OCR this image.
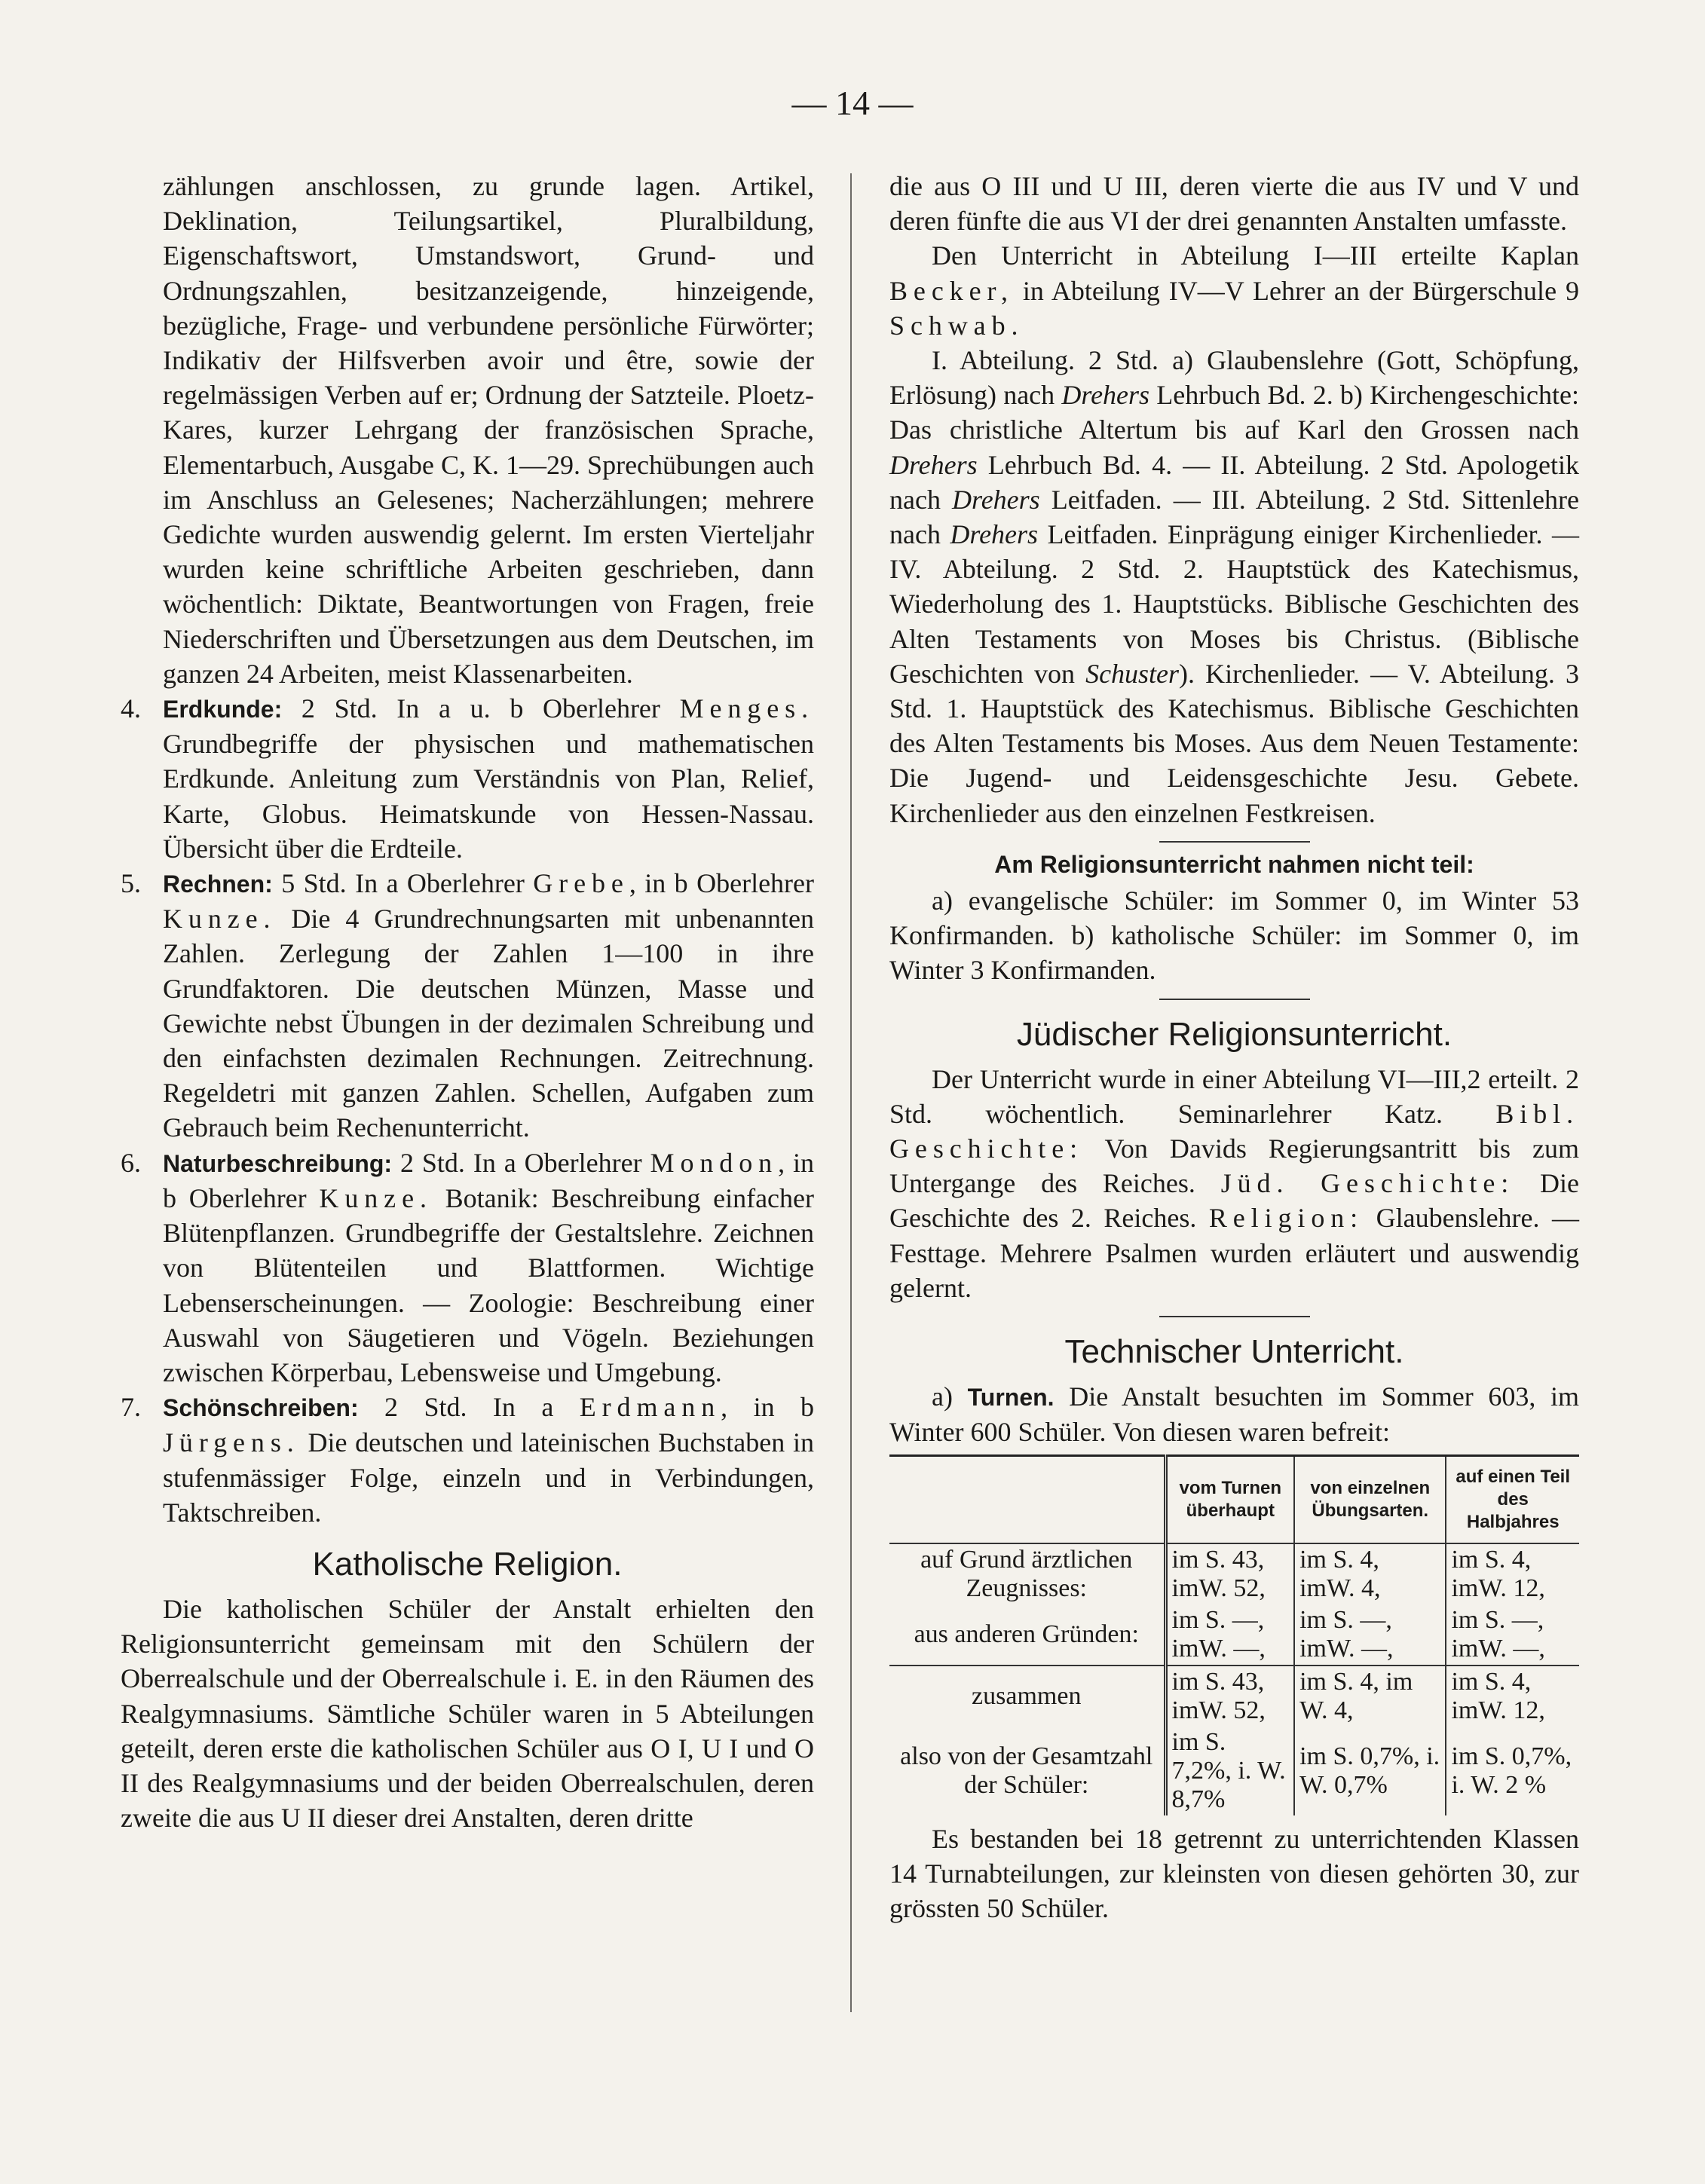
— 14 —

zählungen anschlossen, zu grunde lagen. Artikel, Deklination, Teilungsartikel, Pluralbildung, Eigenschaftswort, Umstandswort, Grund- und Ordnungszahlen, besitzanzeigende, hinzeigende, bezügliche, Frage- und verbundene persönliche Fürwörter; Indikativ der Hilfsverben avoir und être, sowie der regelmässigen Verben auf er; Ordnung der Satzteile. Ploetz-Kares, kurzer Lehrgang der französischen Sprache, Elementarbuch, Ausgabe C, K. 1—29. Sprechübungen auch im Anschluss an Gelesenes; Nacherzählungen; mehrere Gedichte wurden auswendig gelernt. Im ersten Vierteljahr wurden keine schriftliche Arbeiten geschrieben, dann wöchentlich: Diktate, Beantwortungen von Fragen, freie Niederschriften und Übersetzungen aus dem Deutschen, im ganzen 24 Arbeiten, meist Klassenarbeiten.

4. Erdkunde: 2 Std. In a u. b Oberlehrer Menges. Grundbegriffe der physischen und mathematischen Erdkunde. Anleitung zum Verständnis von Plan, Relief, Karte, Globus. Heimatskunde von Hessen-Nassau. Übersicht über die Erdteile.
5. Rechnen: 5 Std. In a Oberlehrer Grebe, in b Oberlehrer Kunze. Die 4 Grundrechnungsarten mit unbenannten Zahlen. Zerlegung der Zahlen 1—100 in ihre Grundfaktoren. Die deutschen Münzen, Masse und Gewichte nebst Übungen in der dezimalen Schreibung und den einfachsten dezimalen Rechnungen. Zeitrechnung. Regeldetri mit ganzen Zahlen. Schellen, Aufgaben zum Gebrauch beim Rechenunterricht.
6. Naturbeschreibung: 2 Std. In a Oberlehrer Mondon, in b Oberlehrer Kunze. Botanik: Beschreibung einfacher Blütenpflanzen. Grundbegriffe der Gestaltslehre. Zeichnen von Blütenteilen und Blattformen. Wichtige Lebenserscheinungen. — Zoologie: Beschreibung einer Auswahl von Säugetieren und Vögeln. Beziehungen zwischen Körperbau, Lebensweise und Umgebung.
7. Schönschreiben: 2 Std. In a Erdmann, in b Jürgens. Die deutschen und lateinischen Buchstaben in stufenmässiger Folge, einzeln und in Verbindungen, Taktschreiben.
Katholische Religion.

Die katholischen Schüler der Anstalt erhielten den Religionsunterricht gemeinsam mit den Schülern der Oberrealschule und der Oberrealschule i. E. in den Räumen des Realgymnasiums. Sämtliche Schüler waren in 5 Abteilungen geteilt, deren erste die katholischen Schüler aus O I, U I und O II des Realgymnasiums und der beiden Oberrealschulen, deren zweite die aus U II dieser drei Anstalten, deren dritte

die aus O III und U III, deren vierte die aus IV und V und deren fünfte die aus VI der drei genannten Anstalten umfasste.

Den Unterricht in Abteilung I—III erteilte Kaplan Becker, in Abteilung IV—V Lehrer an der Bürgerschule 9 Schwab.

I. Abteilung. 2 Std. a) Glaubenslehre (Gott, Schöpfung, Erlösung) nach Drehers Lehrbuch Bd. 2. b) Kirchengeschichte: Das christliche Altertum bis auf Karl den Grossen nach Drehers Lehrbuch Bd. 4. — II. Abteilung. 2 Std. Apologetik nach Drehers Leitfaden. — III. Abteilung. 2 Std. Sittenlehre nach Drehers Leitfaden. Einprägung einiger Kirchenlieder. — IV. Abteilung. 2 Std. 2. Hauptstück des Katechismus, Wiederholung des 1. Hauptstücks. Biblische Geschichten des Alten Testaments von Moses bis Christus. (Biblische Geschichten von Schuster). Kirchenlieder. — V. Abteilung. 3 Std. 1. Hauptstück des Katechismus. Biblische Geschichten des Alten Testaments bis Moses. Aus dem Neuen Testamente: Die Jugend- und Leidensgeschichte Jesu. Gebete. Kirchenlieder aus den einzelnen Festkreisen.

Am Religionsunterricht nahmen nicht teil:

a) evangelische Schüler: im Sommer 0, im Winter 53 Konfirmanden. b) katholische Schüler: im Sommer 0, im Winter 3 Konfirmanden.

Jüdischer Religionsunterricht.

Der Unterricht wurde in einer Abteilung VI—III,2 erteilt. 2 Std. wöchentlich. Seminarlehrer Katz. Bibl. Geschichte: Von Davids Regierungsantritt bis zum Untergange des Reiches. Jüd. Geschichte: Die Geschichte des 2. Reiches. Religion: Glaubenslehre. — Festtage. Mehrere Psalmen wurden erläutert und auswendig gelernt.

Technischer Unterricht.

a) Turnen. Die Anstalt besuchten im Sommer 603, im Winter 600 Schüler. Von diesen waren befreit:

	vom Turnen überhaupt	von einzelnen Übungsarten.	auf einen Teil des Halbjahres
auf Grund ärztlichen Zeugnisses:	im S. 43, imW. 52,	im S. 4, imW. 4,	im S. 4, imW. 12,
aus anderen Gründen:	im S. —, imW. —,	im S. —, imW. —,	im S. —, imW. —,
zusammen	im S. 43, imW. 52,	im S. 4, im W. 4,	im S. 4, imW. 12,
also von der Gesamtzahl der Schüler:	im S. 7,2%, i. W. 8,7%	im S. 0,7%, i. W. 0,7%	im S. 0,7%, i. W. 2 %

Es bestanden bei 18 getrennt zu unterrichtenden Klassen 14 Turnabteilungen, zur kleinsten von diesen gehörten 30, zur grössten 50 Schüler.
